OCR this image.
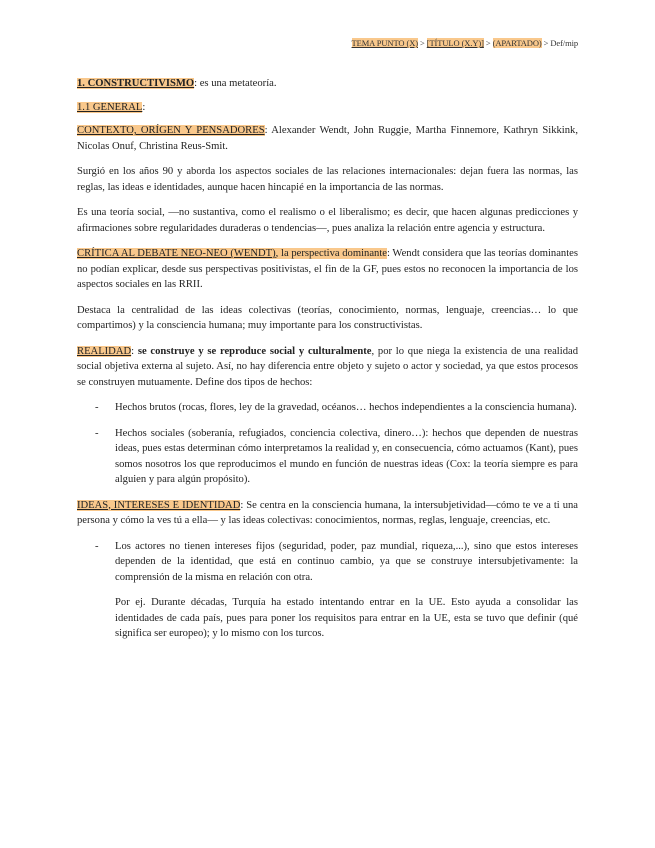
TEMA PUNTO (X) > [TÍTULO (X.Y)] > (APARTADO) > Def/mip

1. CONSTRUCTIVISMO: es una metateoría.

1.1 GENERAL:

CONTEXTO, ORÍGEN Y PENSADORES: Alexander Wendt, John Ruggie, Martha Finnemore, Kathryn Sikkink, Nicolas Onuf, Christina Reus-Smit.

Surgió en los años 90 y aborda los aspectos sociales de las relaciones internacionales: dejan fuera las normas, las reglas, las ideas e identidades, aunque hacen hincapié en la importancia de las normas.

Es una teoría social, —no sustantiva, como el realismo o el liberalismo; es decir, que hacen algunas predicciones y afirmaciones sobre regularidades duraderas o tendencias—, pues analiza la relación entre agencia y estructura.

CRÍTICA AL DEBATE NEO-NEO (WENDT), la perspectiva dominante: Wendt considera que las teorías dominantes no podían explicar, desde sus perspectivas positivistas, el fin de la GF, pues estos no reconocen la importancia de los aspectos sociales en las RRII.

Destaca la centralidad de las ideas colectivas (teorías, conocimiento, normas, lenguaje, creencias… lo que compartimos) y la consciencia humana; muy importante para los constructivistas.

REALIDAD: se construye y se reproduce social y culturalmente, por lo que niega la existencia de una realidad social objetiva externa al sujeto. Así, no hay diferencia entre objeto y sujeto o actor y sociedad, ya que estos procesos se construyen mutuamente. Define dos tipos de hechos:

- Hechos brutos (rocas, flores, ley de la gravedad, océanos… hechos independientes a la consciencia humana).
- Hechos sociales (soberanía, refugiados, conciencia colectiva, dinero…): hechos que dependen de nuestras ideas, pues estas determinan cómo interpretamos la realidad y, en consecuencia, cómo actuamos (Kant), pues somos nosotros los que reproducimos el mundo en función de nuestras ideas (Cox: la teoría siempre es para alguien y para algún propósito).

IDEAS, INTERESES E IDENTIDAD: Se centra en la consciencia humana, la intersubjetividad—cómo te ve a ti una persona y cómo la ves tú a ella— y las ideas colectivas: conocimientos, normas, reglas, lenguaje, creencias, etc.

- Los actores no tienen intereses fijos (seguridad, poder, paz mundial, riqueza,...), sino que estos intereses dependen de la identidad, que está en continuo cambio, ya que se construye intersubjetivamente: la comprensión de la misma en relación con otra.

Por ej. Durante décadas, Turquía ha estado intentando entrar en la UE. Esto ayuda a consolidar las identidades de cada país, pues para poner los requisitos para entrar en la UE, esta se tuvo que definir (qué significa ser europeo); y lo mismo con los turcos.
